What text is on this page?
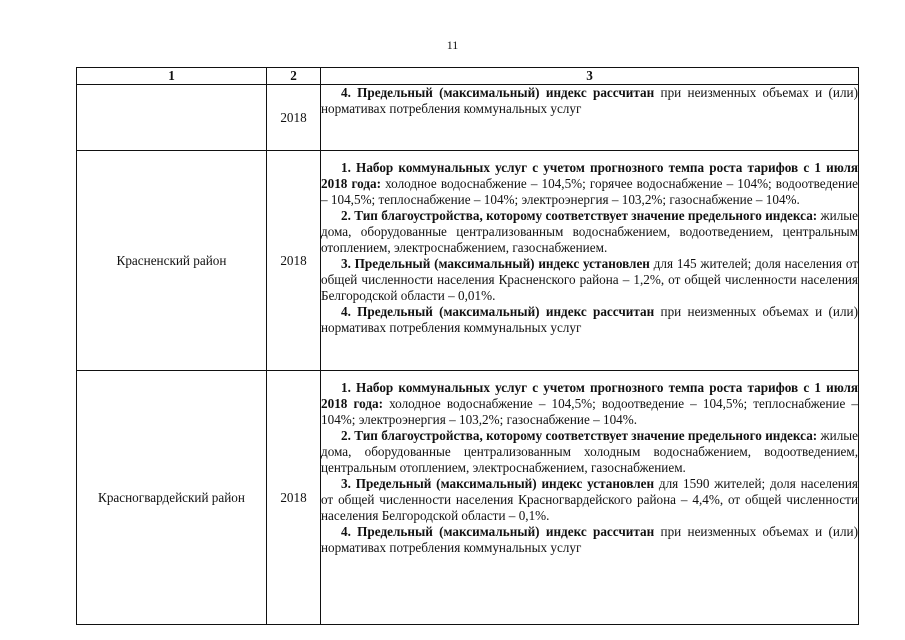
11
1	2	3
	2018	4. Предельный (максимальный) индекс рассчитан при неизменных объемах и (или) нормативах потребления коммунальных услуг

Красненский район	2018	1. Набор коммунальных услуг с учетом прогнозного темпа роста тарифов с 1 июля 2018 года: холодное водоснабжение – 104,5%; горячее водоснабжение – 104%; водоотведение – 104,5%; теплоснабжение – 104%; электроэнергия – 103,2%; газоснабжение – 104%.

2. Тип благоустройства, которому соответствует значение предельного индекса: жилые дома, оборудованные централизованным водоснабжением, водоотведением, центральным отоплением, электроснабжением, газоснабжением.

3. Предельный (максимальный) индекс установлен для 145 жителей; доля населения от общей численности населения Красненского района – 1,2%, от общей численности населения Белгородской области – 0,01%.

4. Предельный (максимальный) индекс рассчитан при неизменных объемах и (или) нормативах потребления коммунальных услуг

Красногвардейский район	2018	1. Набор коммунальных услуг с учетом прогнозного темпа роста тарифов с 1 июля 2018 года: холодное водоснабжение – 104,5%; водоотведение – 104,5%; теплоснабжение – 104%; электроэнергия – 103,2%; газоснабжение – 104%.

2. Тип благоустройства, которому соответствует значение предельного индекса: жилые дома, оборудованные централизованным холодным водоснабжением, водоотведением, центральным отоплением, электроснабжением, газоснабжением.

3. Предельный (максимальный) индекс установлен для 1590 жителей; доля населения от общей численности населения Красногвардейского района – 4,4%, от общей численности населения Белгородской области – 0,1%.

4. Предельный (максимальный) индекс рассчитан при неизменных объемах и (или) нормативах потребления коммунальных услуг
